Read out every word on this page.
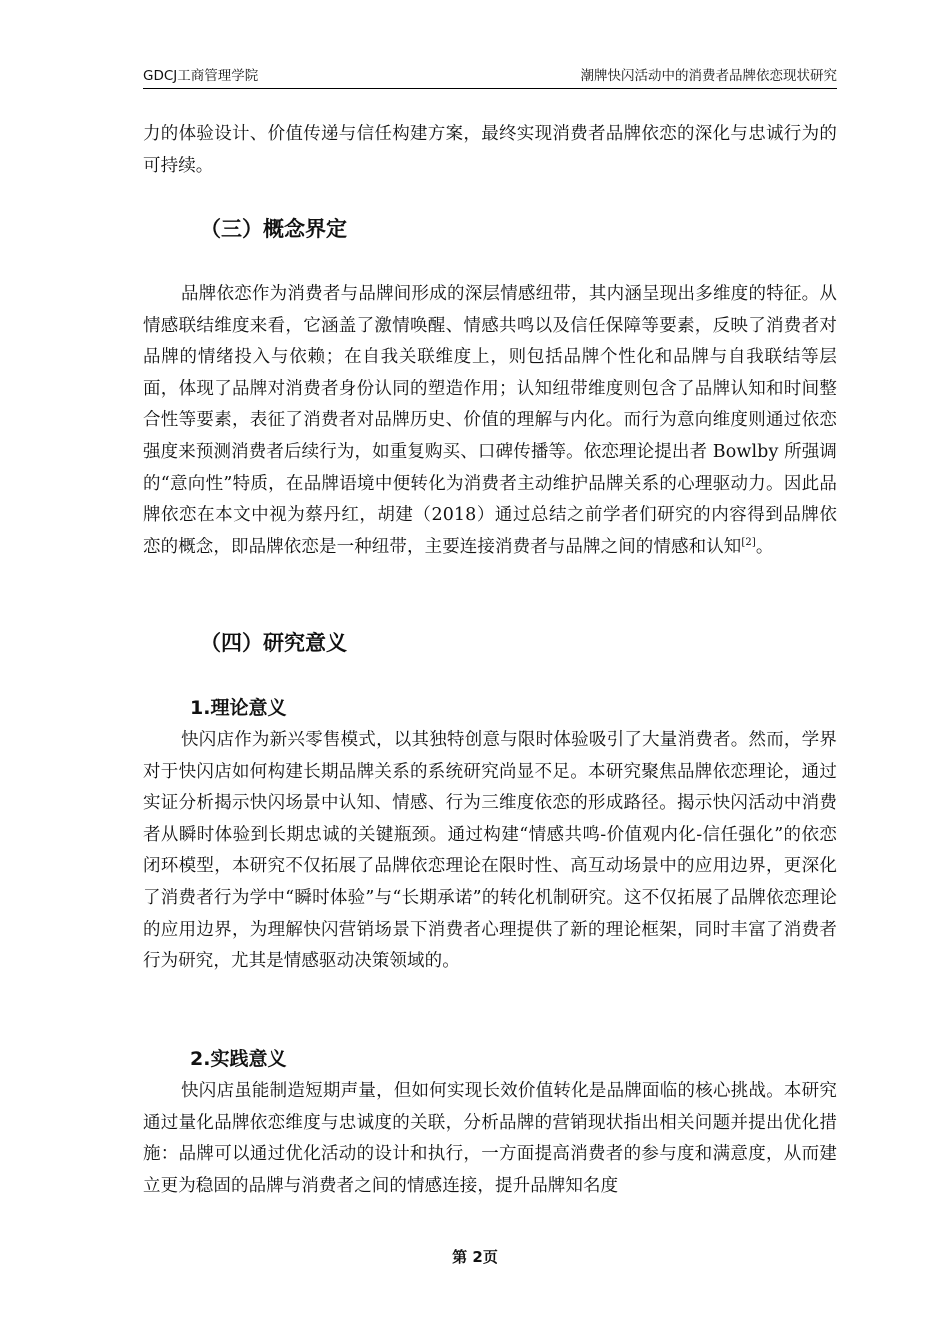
GDCJ工商管理学院	潮牌快闪活动中的消费者品牌依恋现状研究

力的体验设计、价值传递与信任构建方案，最终实现消费者品牌依恋的深化与忠诚行为的可持续。

（三）概念界定

品牌依恋作为消费者与品牌间形成的深层情感纽带，其内涵呈现出多维度的特征。从情感联结维度来看，它涵盖了激情唤醒、情感共鸣以及信任保障等要素，反映了消费者对品牌的情绪投入与依赖；在自我关联维度上，则包括品牌个性化和品牌与自我联结等层面，体现了品牌对消费者身份认同的塑造作用；认知纽带维度则包含了品牌认知和时间整合性等要素，表征了消费者对品牌历史、价值的理解与内化。而行为意向维度则通过依恋强度来预测消费者后续行为，如重复购买、口碑传播等。依恋理论提出者 Bowlby 所强调的“意向性”特质，在品牌语境中便转化为消费者主动维护品牌关系的心理驱动力。因此品牌依恋在本文中视为蔡丹红，胡建（2018）通过总结之前学者们研究的内容得到品牌依恋的概念，即品牌依恋是一种纽带，主要连接消费者与品牌之间的情感和认知[2]。

（四）研究意义
1.理论意义

快闪店作为新兴零售模式，以其独特创意与限时体验吸引了大量消费者。然而，学界对于快闪店如何构建长期品牌关系的系统研究尚显不足。本研究聚焦品牌依恋理论，通过实证分析揭示快闪场景中认知、情感、行为三维度依恋的形成路径。揭示快闪活动中消费者从瞬时体验到长期忠诚的关键瓶颈。通过构建“情感共鸣-价值观内化-信任强化”的依恋闭环模型，本研究不仅拓展了品牌依恋理论在限时性、高互动场景中的应用边界，更深化了消费者行为学中“瞬时体验”与“长期承诺”的转化机制研究。这不仅拓展了品牌依恋理论的应用边界，为理解快闪营销场景下消费者心理提供了新的理论框架，同时丰富了消费者行为研究，尤其是情感驱动决策领域的。

2.实践意义

快闪店虽能制造短期声量，但如何实现长效价值转化是品牌面临的核心挑战。本研究通过量化品牌依恋维度与忠诚度的关联，分析品牌的营销现状指出相关问题并提出优化措施：品牌可以通过优化活动的设计和执行，一方面提高消费者的参与度和满意度，从而建立更为稳固的品牌与消费者之间的情感连接，提升品牌知名度

第 2页
